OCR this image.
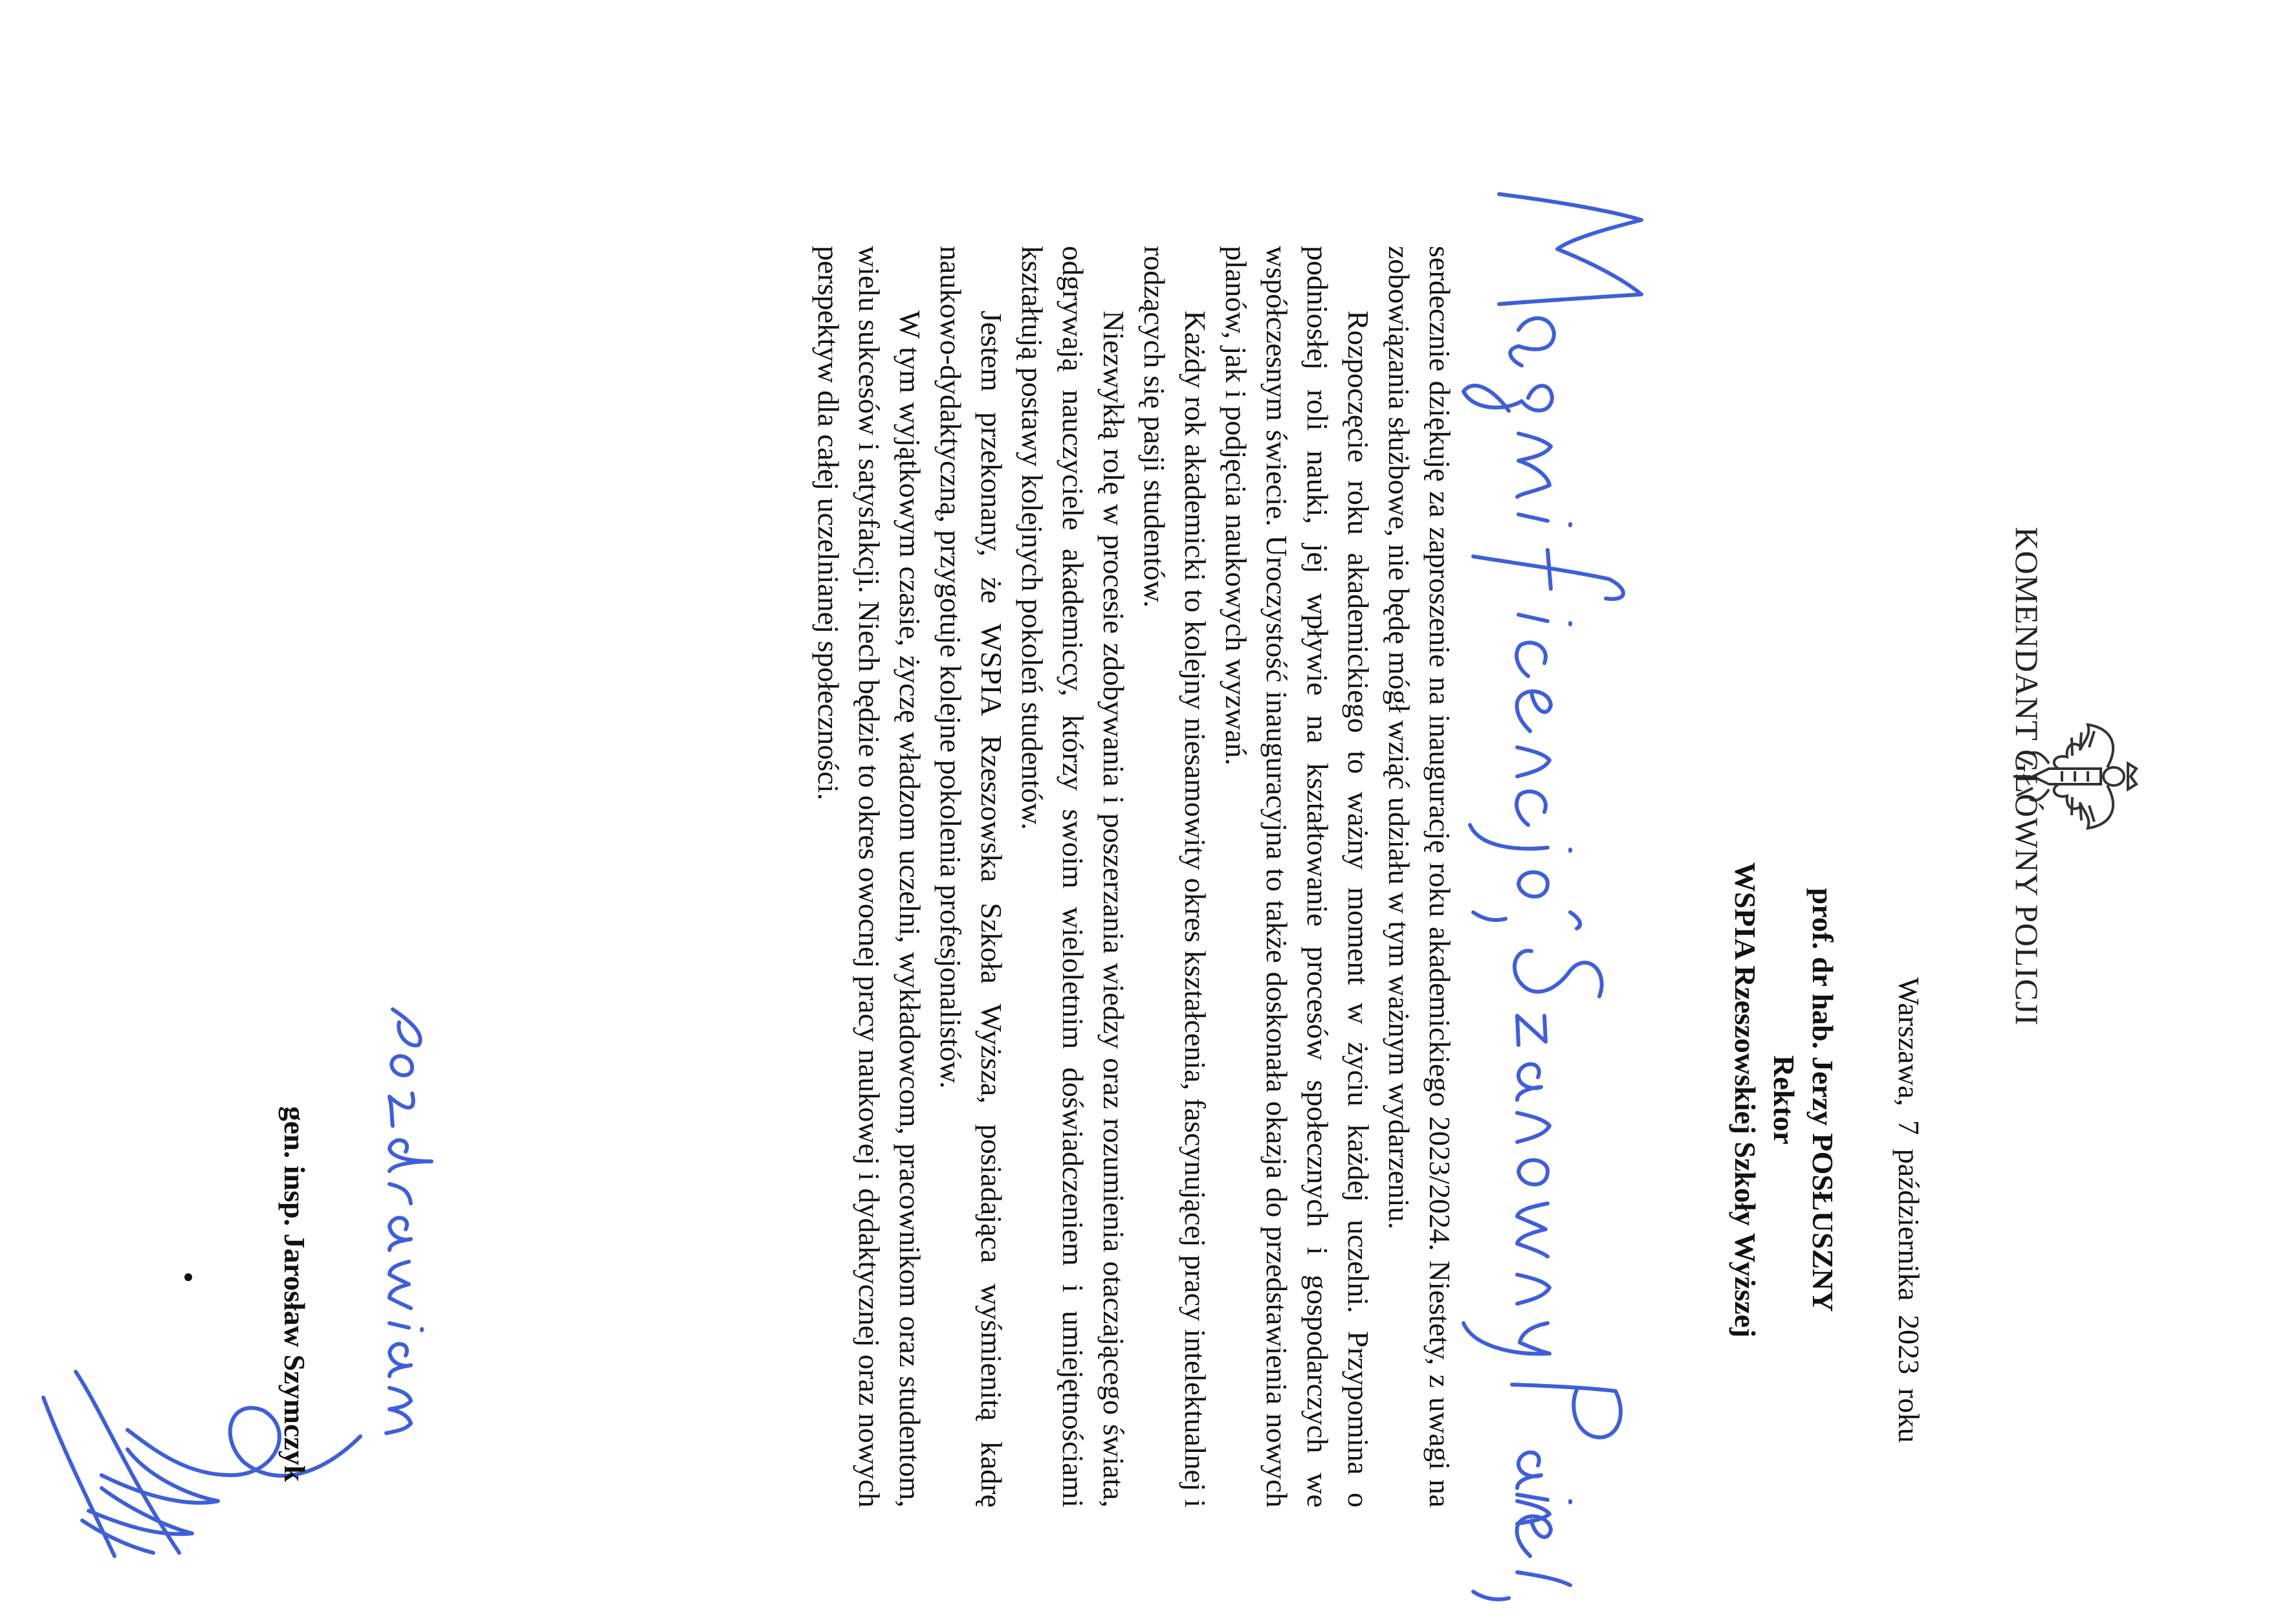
KOMENDANT GŁÓWNY POLICJI
Warszawa, 7 października 2023 roku
prof. dr hab. Jerzy POSŁUSZNY
Rektor
WSPIA Rzeszowskiej Szkoły Wyższej

serdecznie dziękuję za zaproszenie na inaugurację roku akademickiego 2023/2024. Niestety, z uwagi na zobowiązania służbowe, nie będę mógł wziąć udziału w tym ważnym wydarzeniu.

Rozpoczęcie roku akademickiego to ważny moment w życiu każdej uczelni. Przypomina o podniosłej roli nauki, jej wpływie na kształtowanie procesów społecznych i gospodarczych we współczesnym świecie. Uroczystość inauguracyjna to także doskonała okazja do przedstawienia nowych planów, jak i podjęcia naukowych wyzwań.

Każdy rok akademicki to kolejny niesamowity okres kształcenia, fascynującej pracy intelektualnej i rodzących się pasji studentów.

Niezwykłą rolę w procesie zdobywania i poszerzania wiedzy oraz rozumienia otaczającego świata, odgrywają nauczyciele akademiccy, którzy swoim wieloletnim doświadczeniem i umiejętnościami kształtują postawy kolejnych pokoleń studentów.

Jestem przekonany, że WSPIA Rzeszowska Szkoła Wyższa, posiadająca wyśmienitą kadrę naukowo-dydaktyczną, przygotuje kolejne pokolenia profesjonalistów.

W tym wyjątkowym czasie, życzę władzom uczelni, wykładowcom, pracownikom oraz studentom, wielu sukcesów i satysfakcji. Niech będzie to okres owocnej pracy naukowej i dydaktycznej oraz nowych perspektyw dla całej uczelnianej społeczności.

gen. insp. Jarosław Szymczyk
